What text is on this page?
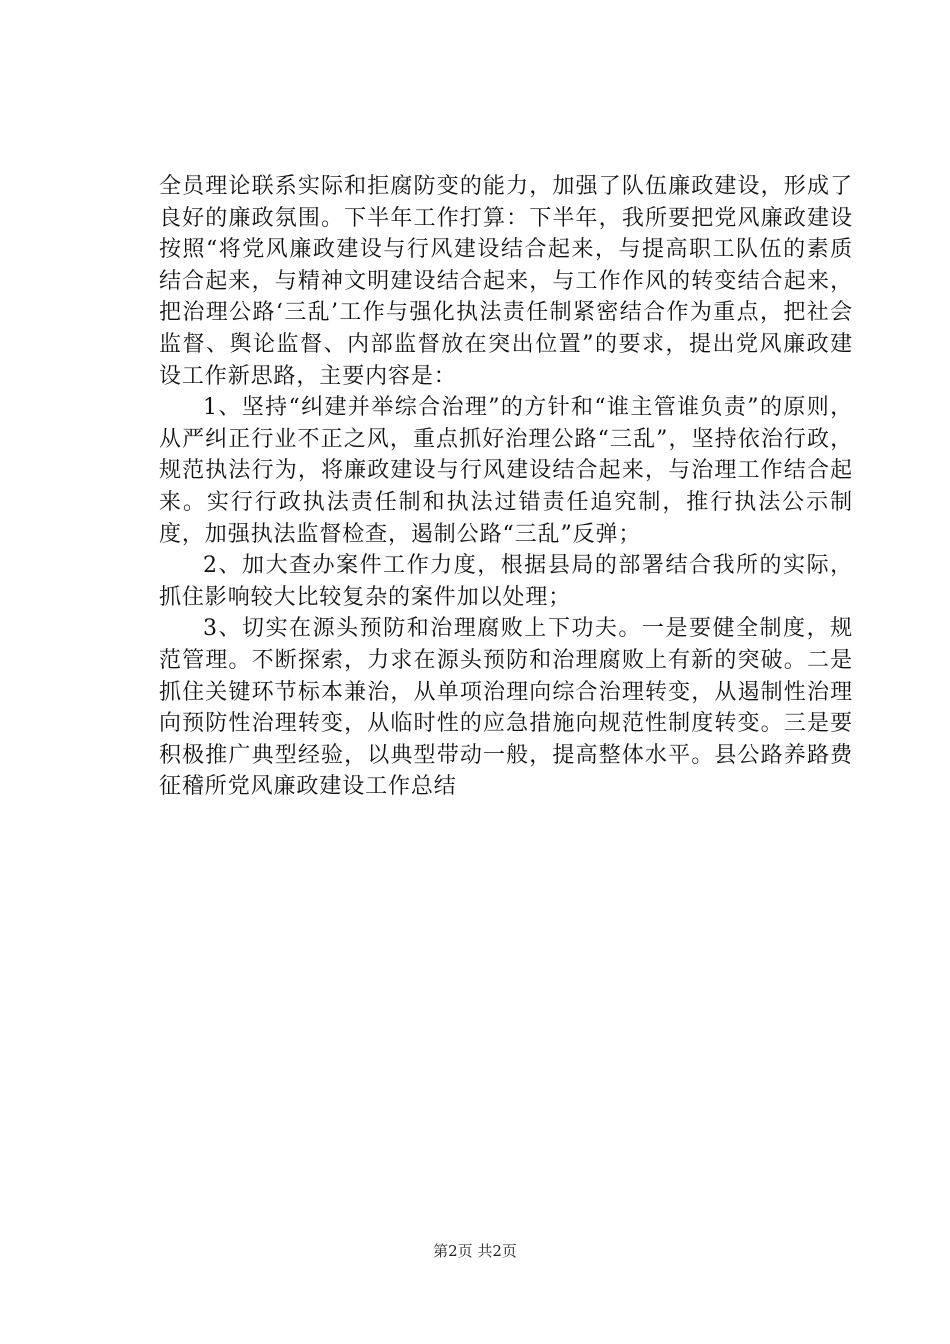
全员理论联系实际和拒腐防变的能力，加强了队伍廉政建设，形成了良好的廉政氛围。下半年工作打算：下半年，我所要把党风廉政建设按照“将党风廉政建设与行风建设结合起来，与提高职工队伍的素质结合起来，与精神文明建设结合起来，与工作作风的转变结合起来，把治理公路‘三乱’工作与强化执法责任制紧密结合作为重点，把社会监督、舆论监督、内部监督放在突出位置”的要求，提出党风廉政建设工作新思路，主要内容是：

1、坚持“纠建并举综合治理”的方针和“谁主管谁负责”的原则，从严纠正行业不正之风，重点抓好治理公路“三乱”，坚持依治行政，规范执法行为，将廉政建设与行风建设结合起来，与治理工作结合起来。实行行政执法责任制和执法过错责任追究制，推行执法公示制度，加强执法监督检查，遏制公路“三乱”反弹；

2、加大查办案件工作力度，根据县局的部署结合我所的实际，抓住影响较大比较复杂的案件加以处理；

3、切实在源头预防和治理腐败上下功夫。一是要健全制度，规范管理。不断探索，力求在源头预防和治理腐败上有新的突破。二是抓住关键环节标本兼治，从单项治理向综合治理转变，从遏制性治理向预防性治理转变，从临时性的应急措施向规范性制度转变。三是要积极推广典型经验，以典型带动一般，提高整体水平。县公路养路费征稽所党风廉政建设工作总结

第2页 共2页
